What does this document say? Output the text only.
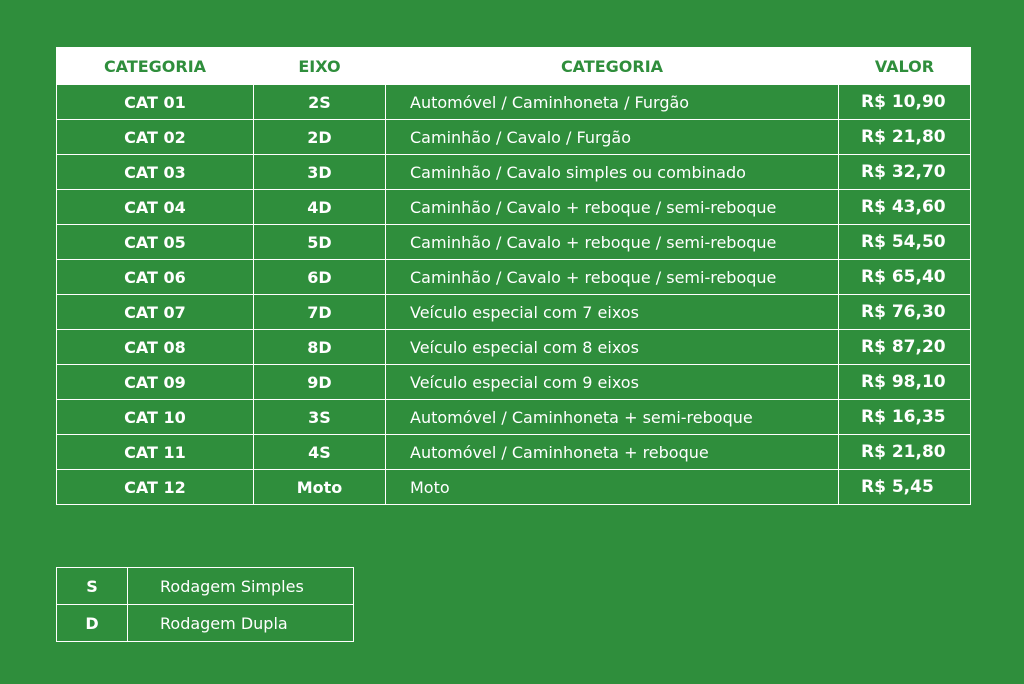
CATEGORIA	EIXO	CATEGORIA	VALOR
CAT 01	2S	Automóvel / Caminhoneta / Furgão	R$ 10,90
CAT 02	2D	Caminhão / Cavalo / Furgão	R$ 21,80
CAT 03	3D	Caminhão / Cavalo simples ou combinado	R$ 32,70
CAT 04	4D	Caminhão / Cavalo + reboque / semi-reboque	R$ 43,60
CAT 05	5D	Caminhão / Cavalo + reboque / semi-reboque	R$ 54,50
CAT 06	6D	Caminhão / Cavalo + reboque / semi-reboque	R$ 65,40
CAT 07	7D	Veículo especial com 7 eixos	R$ 76,30
CAT 08	8D	Veículo especial com 8 eixos	R$ 87,20
CAT 09	9D	Veículo especial com 9 eixos	R$ 98,10
CAT 10	3S	Automóvel / Caminhoneta + semi-reboque	R$ 16,35
CAT 11	4S	Automóvel / Caminhoneta + reboque	R$ 21,80
CAT 12	Moto	Moto	R$ 5,45
S	Rodagem Simples
D	Rodagem Dupla
